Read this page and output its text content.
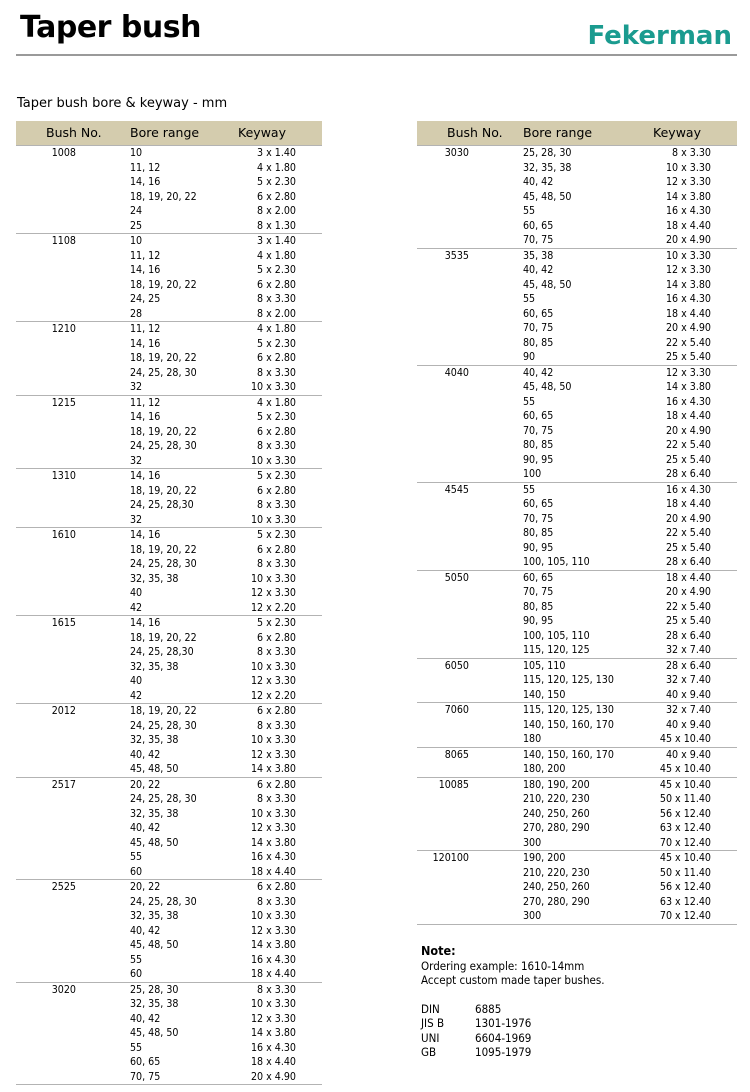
Taper bush	Fekerman
Taper bush bore & keyway - mm
Bush No.	Bore range	Keyway
1008	10	3 x 1.40
	11, 12	4 x 1.80
	14, 16	5 x 2.30
	18, 19, 20, 22	6 x 2.80
	24	8 x 2.00
	25	8 x 1.30
1108	10	3 x 1.40
	11, 12	4 x 1.80
	14, 16	5 x 2.30
	18, 19, 20, 22	6 x 2.80
	24, 25	8 x 3.30
	28	8 x 2.00
1210	11, 12	4 x 1.80
	14, 16	5 x 2.30
	18, 19, 20, 22	6 x 2.80
	24, 25, 28, 30	8 x 3.30
	32	10 x 3.30
1215	11, 12	4 x 1.80
	14, 16	5 x 2.30
	18, 19, 20, 22	6 x 2.80
	24, 25, 28, 30	8 x 3.30
	32	10 x 3.30
1310	14, 16	5 x 2.30
	18, 19, 20, 22	6 x 2.80
	24, 25, 28,30	8 x 3.30
	32	10 x 3.30
1610	14, 16	5 x 2.30
	18, 19, 20, 22	6 x 2.80
	24, 25, 28, 30	8 x 3.30
	32, 35, 38	10 x 3.30
	40	12 x 3.30
	42	12 x 2.20
1615	14, 16	5 x 2.30
	18, 19, 20, 22	6 x 2.80
	24, 25, 28,30	8 x 3.30
	32, 35, 38	10 x 3.30
	40	12 x 3.30
	42	12 x 2.20
2012	18, 19, 20, 22	6 x 2.80
	24, 25, 28, 30	8 x 3.30
	32, 35, 38	10 x 3.30
	40, 42	12 x 3.30
	45, 48, 50	14 x 3.80
2517	20, 22	6 x 2.80
	24, 25, 28, 30	8 x 3.30
	32, 35, 38	10 x 3.30
	40, 42	12 x 3.30
	45, 48, 50	14 x 3.80
	55	16 x 4.30
	60	18 x 4.40
2525	20, 22	6 x 2.80
	24, 25, 28, 30	8 x 3.30
	32, 35, 38	10 x 3.30
	40, 42	12 x 3.30
	45, 48, 50	14 x 3.80
	55	16 x 4.30
	60	18 x 4.40
3020	25, 28, 30	8 x 3.30
	32, 35, 38	10 x 3.30
	40, 42	12 x 3.30
	45, 48, 50	14 x 3.80
	55	16 x 4.30
	60, 65	18 x 4.40
	70, 75	20 x 4.90

Bush No.	Bore range	Keyway
3030	25, 28, 30	8 x 3.30
	32, 35, 38	10 x 3.30
	40, 42	12 x 3.30
	45, 48, 50	14 x 3.80
	55	16 x 4.30
	60, 65	18 x 4.40
	70, 75	20 x 4.90
3535	35, 38	10 x 3.30
	40, 42	12 x 3.30
	45, 48, 50	14 x 3.80
	55	16 x 4.30
	60, 65	18 x 4.40
	70, 75	20 x 4.90
	80, 85	22 x 5.40
	90	25 x 5.40
4040	40, 42	12 x 3.30
	45, 48, 50	14 x 3.80
	55	16 x 4.30
	60, 65	18 x 4.40
	70, 75	20 x 4.90
	80, 85	22 x 5.40
	90, 95	25 x 5.40
	100	28 x 6.40
4545	55	16 x 4.30
	60, 65	18 x 4.40
	70, 75	20 x 4.90
	80, 85	22 x 5.40
	90, 95	25 x 5.40
	100, 105, 110	28 x 6.40
5050	60, 65	18 x 4.40
	70, 75	20 x 4.90
	80, 85	22 x 5.40
	90, 95	25 x 5.40
	100, 105, 110	28 x 6.40
	115, 120, 125	32 x 7.40
6050	105, 110	28 x 6.40
	115, 120, 125, 130	32 x 7.40
	140, 150	40 x 9.40
7060	115, 120, 125, 130	32 x 7.40
	140, 150, 160, 170	40 x 9.40
	180	45 x 10.40
8065	140, 150, 160, 170	40 x 9.40
	180, 200	45 x 10.40
10085	180, 190, 200	45 x 10.40
	210, 220, 230	50 x 11.40
	240, 250, 260	56 x 12.40
	270, 280, 290	63 x 12.40
	300	70 x 12.40
120100	190, 200	45 x 10.40
	210, 220, 230	50 x 11.40
	240, 250, 260	56 x 12.40
	270, 280, 290	63 x 12.40
	300	70 x 12.40

Note:
Ordering example: 1610-14mm
Accept custom made taper bushes.
DIN	6885
JIS B	1301-1976
UNI	6604-1969
GB	1095-1979
